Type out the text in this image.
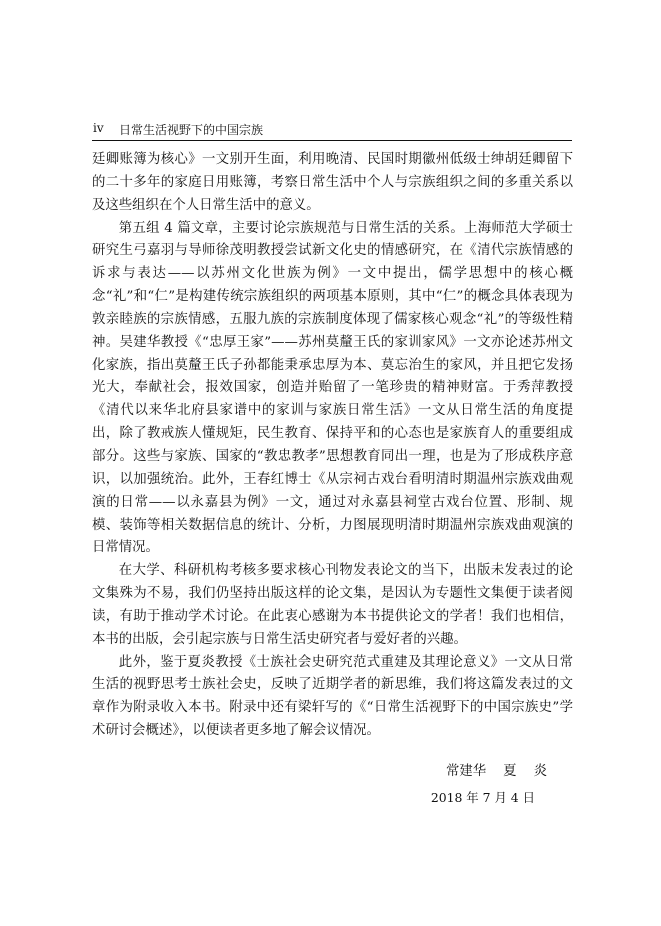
iv 日常生活视野下的中国宗族

廷卿账簿为核心》一文别开生面，利用晚清、民国时期徽州低级士绅胡廷卿留下的二十多年的家庭日用账簿，考察日常生活中个人与宗族组织之间的多重关系以及这些组织在个人日常生活中的意义。

第五组 4 篇文章，主要讨论宗族规范与日常生活的关系。上海师范大学硕士研究生弓嘉羽与导师徐茂明教授尝试新文化史的情感研究，在《清代宗族情感的诉求与表达——以苏州文化世族为例》一文中提出，儒学思想中的核心概念“礼”和“仁”是构建传统宗族组织的两项基本原则，其中“仁”的概念具体表现为敦亲睦族的宗族情感，五服九族的宗族制度体现了儒家核心观念“礼”的等级性精神。吴建华教授《“忠厚王家”——苏州莫釐王氏的家训家风》一文亦论述苏州文化家族，指出莫釐王氏子孙都能秉承忠厚为本、莫忘治生的家风，并且把它发扬光大，奉献社会，报效国家，创造并贻留了一笔珍贵的精神财富。于秀萍教授《清代以来华北府县家谱中的家训与家族日常生活》一文从日常生活的角度提出，除了教戒族人懂规矩，民生教育、保持平和的心态也是家族育人的重要组成部分。这些与家族、国家的“教忠教孝”思想教育同出一理，也是为了形成秩序意识，以加强统治。此外，王春红博士《从宗祠古戏台看明清时期温州宗族戏曲观演的日常——以永嘉县为例》一文，通过对永嘉县祠堂古戏台位置、形制、规模、装饰等相关数据信息的统计、分析，力图展现明清时期温州宗族戏曲观演的日常情况。

在大学、科研机构考核多要求核心刊物发表论文的当下，出版未发表过的论文集殊为不易，我们仍坚持出版这样的论文集，是因认为专题性文集便于读者阅读，有助于推动学术讨论。在此衷心感谢为本书提供论文的学者！我们也相信，本书的出版，会引起宗族与日常生活史研究者与爱好者的兴趣。

此外，鉴于夏炎教授《士族社会史研究范式重建及其理论意义》一文从日常生活的视野思考士族社会史，反映了近期学者的新思维，我们将这篇发表过的文章作为附录收入本书。附录中还有梁轩写的《“日常生活视野下的中国宗族史”学术研讨会概述》，以便读者更多地了解会议情况。

常建华    夏    炎
2018 年 7 月 4 日
